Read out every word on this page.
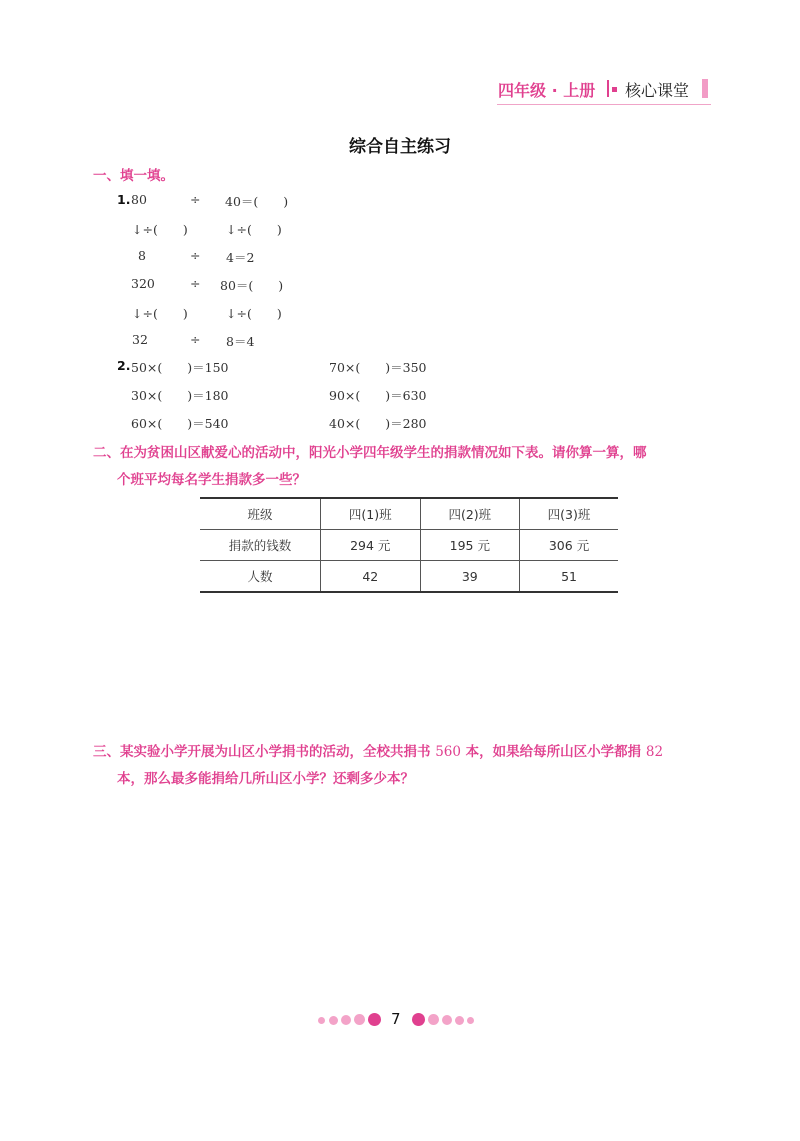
四年级 · 上册 核心课堂
综合自主练习
一、填一填。
1. 80	÷ 40＝(　　)
↓÷(　　)	↓÷(　　)
8	÷ 4＝2
320	÷ 80＝(　　)
↓÷(　　)	↓÷(　　)
32	÷ 8＝4
2. 50×(　　)＝150	70×(　　)＝350
30×(　　)＝180	90×(　　)＝630
60×(　　)＝540	40×(　　)＝280
二、在为贫困山区献爱心的活动中，阳光小学四年级学生的捐款情况如下表。请你算一算，哪
个班平均每名学生捐款多一些？
班级	四(1)班	四(2)班	四(3)班
捐款的钱数	294 元	195 元	306 元
人数	42	39	51
三、某实验小学开展为山区小学捐书的活动，全校共捐书 560 本，如果给每所山区小学都捐 82
本，那么最多能捐给几所山区小学？还剩多少本？
7
